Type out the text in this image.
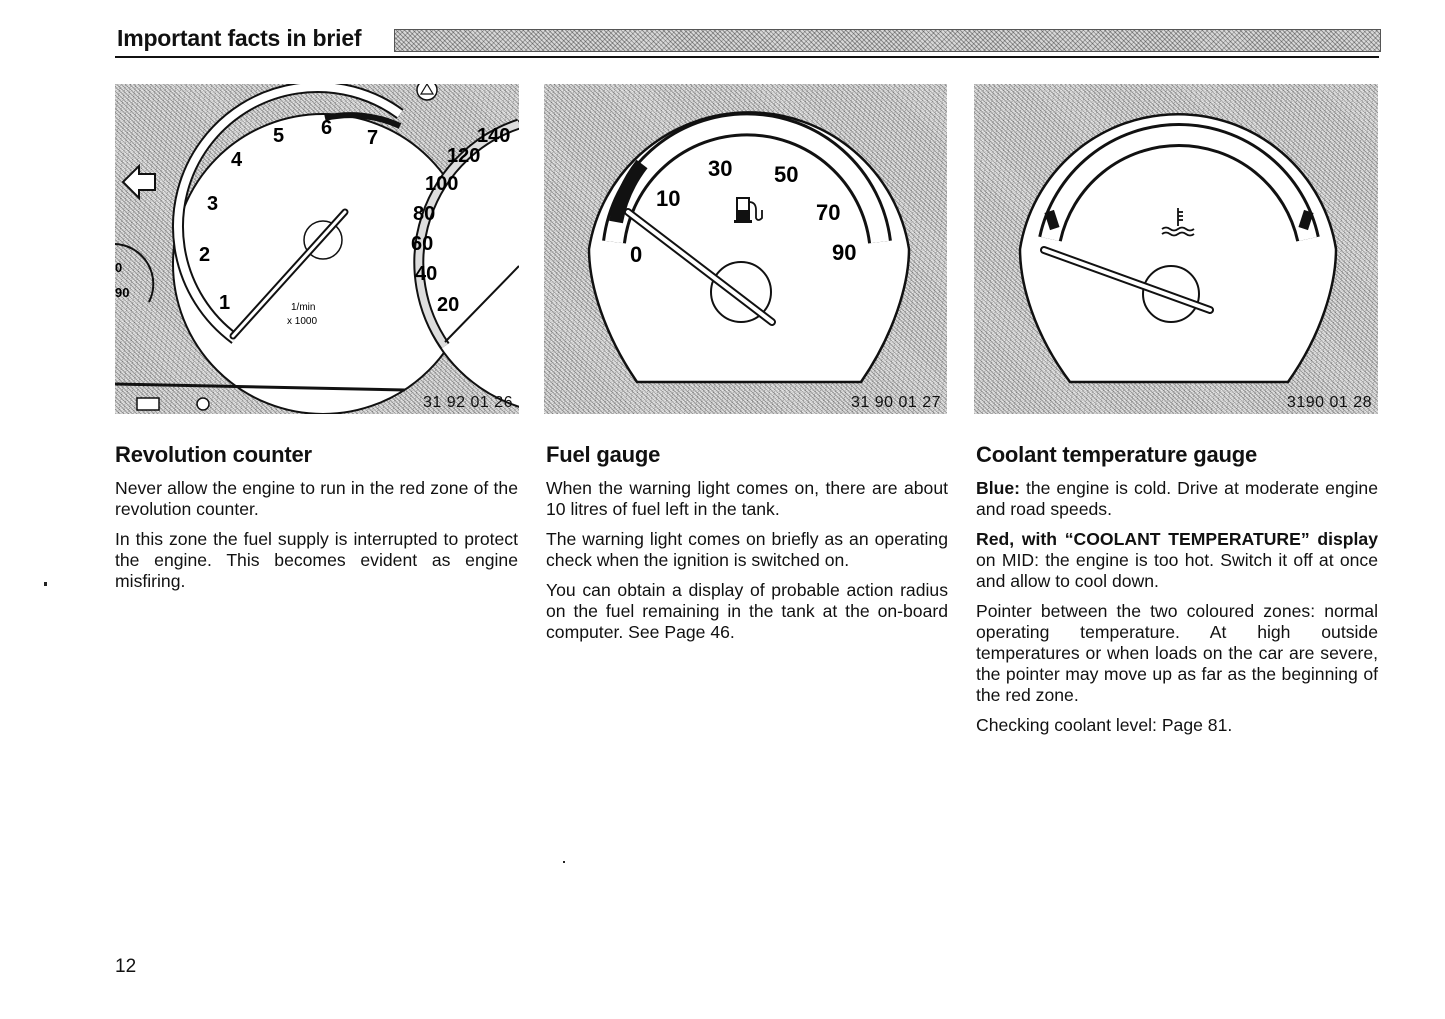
Important facts in brief
0
90	1
2
3
4
5 6 7
1/min
x 1000
20
40
60
80
100
120
140
31 92 01 26
0
10
30 50
70
90
31 90 01 27	3190 01 28
Revolution counter

Never allow the engine to run in the red zone of the revolution counter.

In this zone the fuel supply is interrupted to protect the engine. This becomes evident as engine misfiring.

Fuel gauge

When the warning light comes on, there are about 10 litres of fuel left in the tank.

The warning light comes on briefly as an operating check when the ignition is switched on.

You can obtain a display of probable action radius on the fuel remaining in the tank at the on-board computer. See Page 46.

Coolant temperature gauge

Blue: the engine is cold. Drive at moderate engine and road speeds.

Red, with “COOLANT TEMPERATURE” display on MID: the engine is too hot. Switch it off at once and allow to cool down.

Pointer between the two coloured zones: normal operating temperature. At high outside temperatures or when loads on the car are severe, the pointer may move up as far as the beginning of the red zone.

Checking coolant level: Page 81.

12
